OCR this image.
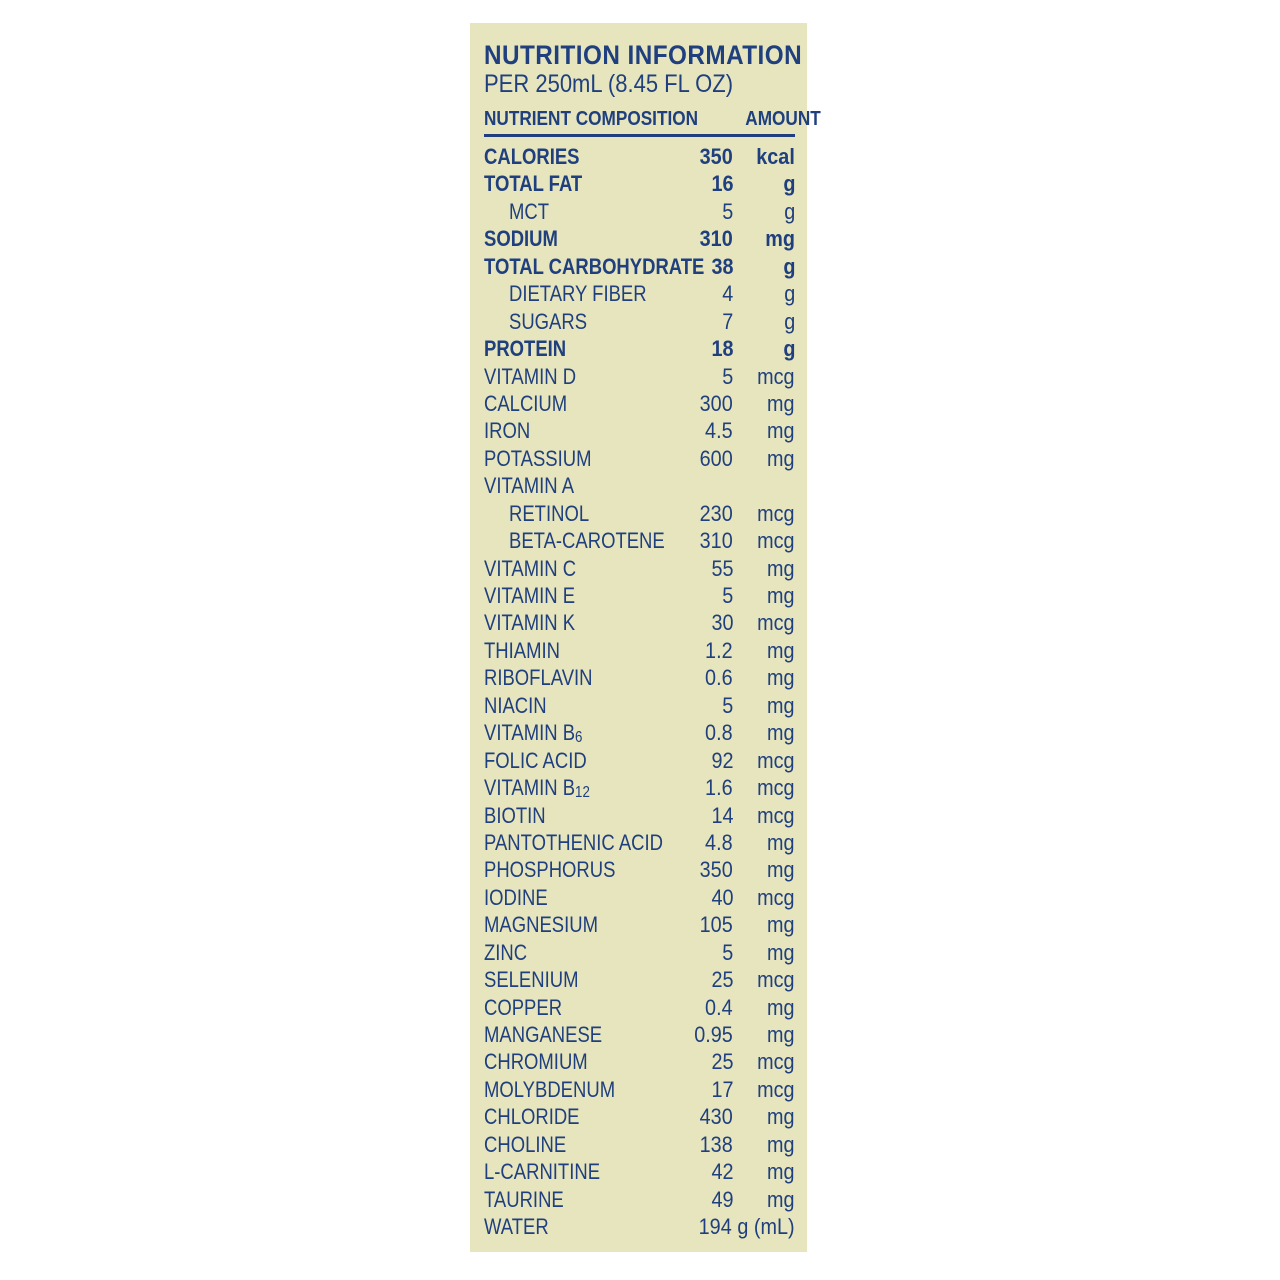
NUTRITION INFORMATION
PER 250mL (8.45 FL OZ)
NUTRIENT COMPOSITION	AMOUNT
CALORIES	350	kcal
TOTAL FAT	16	g
MCT	5	g
SODIUM	310	mg
TOTAL CARBOHYDRATE 38	g
DIETARY FIBER	4	g
SUGARS	7	g
PROTEIN	18	g
VITAMIN D	5	mcg
CALCIUM	300	mg
IRON	4.5	mg
POTASSIUM	600	mg
VITAMIN A
RETINOL	230	mcg
BETA-CAROTENE	310	mcg
VITAMIN C	55	mg
VITAMIN E	5	mg
VITAMIN K	30	mcg
THIAMIN	1.2	mg
RIBOFLAVIN	0.6	mg
NIACIN	5	mg
VITAMIN B6	0.8	mg
FOLIC ACID	92	mcg
VITAMIN B12	1.6	mcg
BIOTIN	14	mcg
PANTOTHENIC ACID	4.8	mg
PHOSPHORUS	350	mg
IODINE	40	mcg
MAGNESIUM	105	mg
ZINC	5	mg
SELENIUM	25	mcg
COPPER	0.4	mg
MANGANESE	0.95	mg
CHROMIUM	25	mcg
MOLYBDENUM	17	mcg
CHLORIDE	430	mg
CHOLINE	138	mg
L-CARNITINE	42	mg
TAURINE	49	mg
WATER	194 g (mL)
